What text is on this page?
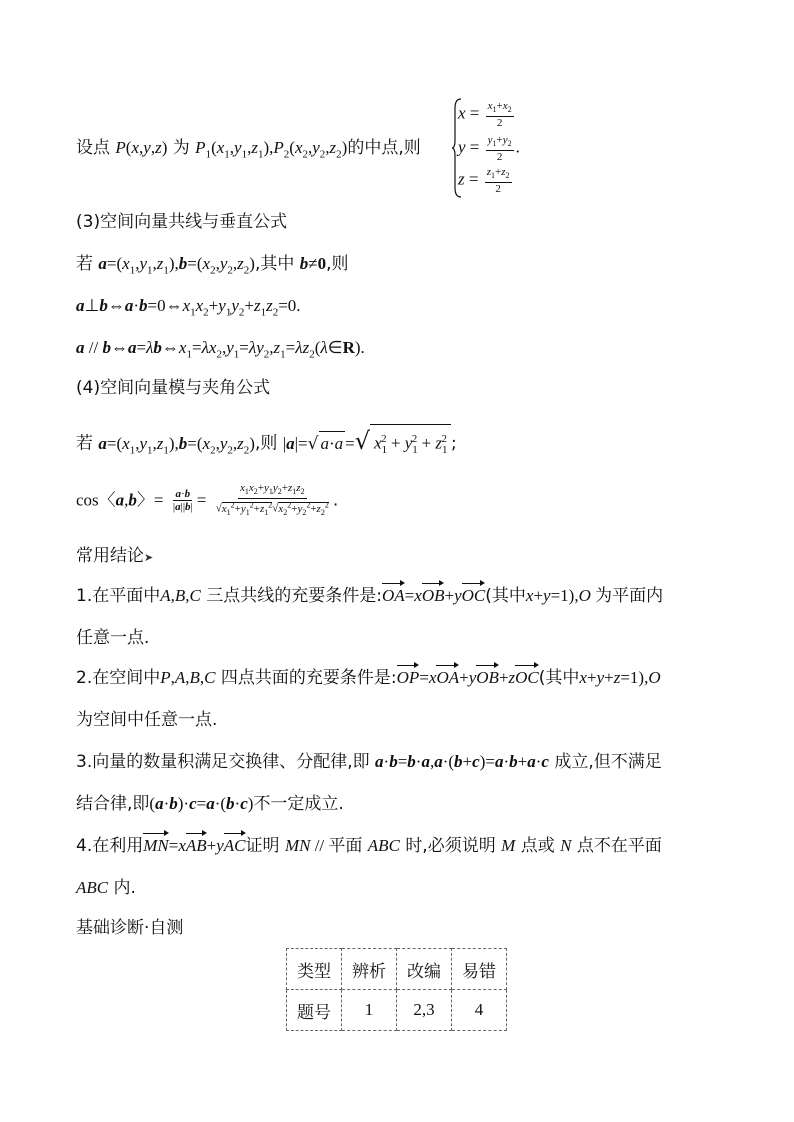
设点 P(x,y,z) 为 $P_1(x_1,y_1,z_1),P_2(x_2,y_2,z_2)$的中点,则
$x = \frac{x_1+x_2}{2}$
$y = \frac{y_1+y_2}{2}$ .
$z = \frac{z_1+z_2}{2}$
(3)空间向量共线与垂直公式
若 $a=(x_1,y_1,z_1),b=(x_2,y_2,z_2)$,其中 b≠0,则
$a\perp b\Leftrightarrow a\cdot b=0\Leftrightarrow x_1x_2+y_1y_2+z_1z_2=0$.
$a // b\Leftrightarrow a=\lambda b\Leftrightarrow x_1=\lambda x_2,y_1=\lambda y_2,z_1=\lambda z_2(\lambda\in R)$.
(4)空间向量模与夹角公式
若 $a=(x_1,y_1,z_1),b=(x_2,y_2,z_2)$,则 |a|=√ a·a =√ $x_1^2 + y_1^2 + z_1^2$ ;
cos〈a,b〉= $\frac{a\cdot b}{|a||b|} = \frac{x_1x_2+y_1y_2+z_1z_2}{√x_1^2+y_1^2+z_1^2√x_2^2+y_2^2+z_2^2}$ .
常用结论➤
1.在平面中A,B,C 三点共线的充要条件是:OA=xOB+yOC(其中x+y=1),O 为平面内
任意一点.
2.在空间中P,A,B,C 四点共面的充要条件是:OP=xOA+yOB+zOC(其中x+y+z=1),O
为空间中任意一点.
3.向量的数量积满足交换律、分配律,即 a·b=b·a,a·(b+c)=a·b+a·c 成立,但不满足
结合律,即(a·b)·c=a·(b·c)不一定成立.
4.在利用MN=xAB+yAC证明 MN // 平面 ABC 时,必须说明 M 点或 N 点不在平面
ABC 内.
基础诊断·自测
类型	辨析	改编	易错
题号	1	2,3	4
